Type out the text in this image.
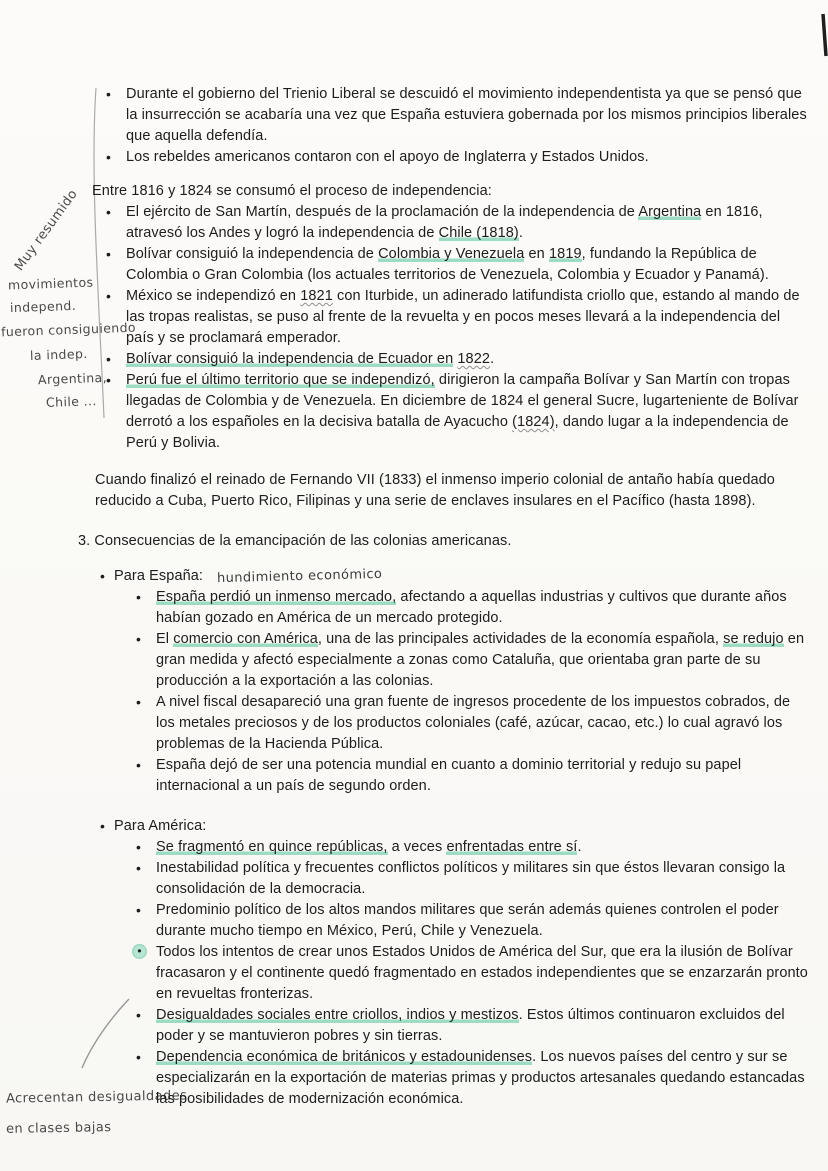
Muy resumido
movimientos
independ.
fueron consiguiendo
la indep.
Argentina,
Chile ...
Acrecentan desigualdades
en clases bajas
• Durante el gobierno del Trienio Liberal se descuidó el movimiento independentista ya que se pensó que la insurrección se acabaría una vez que España estuviera gobernada por los mismos principios liberales que aquella defendía.
• Los rebeldes americanos contaron con el apoyo de Inglaterra y Estados Unidos.

Entre 1816 y 1824 se consumó el proceso de independencia:

• El ejército de San Martín, después de la proclamación de la independencia de Argentina en 1816, atravesó los Andes y logró la independencia de Chile (1818).
• Bolívar consiguió la independencia de Colombia y Venezuela en 1819, fundando la República de Colombia o Gran Colombia (los actuales territorios de Venezuela, Colombia y Ecuador y Panamá).
• México se independizó en 1821 con Iturbide, un adinerado latifundista criollo que, estando al mando de las tropas realistas, se puso al frente de la revuelta y en pocos meses llevará a la independencia del país y se proclamará emperador.
• Bolívar consiguió la independencia de Ecuador en 1822.
• Perú fue el último territorio que se independizó, dirigieron la campaña Bolívar y San Martín con tropas llegadas de Colombia y de Venezuela. En diciembre de 1824 el general Sucre, lugarteniente de Bolívar derrotó a los españoles en la decisiva batalla de Ayacucho (1824), dando lugar a la independencia de Perú y Bolivia.

Cuando finalizó el reinado de Fernando VII (1833) el inmenso imperio colonial de antaño había quedado reducido a Cuba, Puerto Rico, Filipinas y una serie de enclaves insulares en el Pacífico (hasta 1898).

3. Consecuencias de la emancipación de las colonias americanas.

•
Para España: hundimiento económico
• España perdió un inmenso mercado, afectando a aquellas industrias y cultivos que durante años habían gozado en América de un mercado protegido.
• El comercio con América, una de las principales actividades de la economía española, se redujo en gran medida y afectó especialmente a zonas como Cataluña, que orientaba gran parte de su producción a la exportación a las colonias.
• A nivel fiscal desapareció una gran fuente de ingresos procedente de los impuestos cobrados, de los metales preciosos y de los productos coloniales (café, azúcar, cacao, etc.) lo cual agravó los problemas de la Hacienda Pública.
• España dejó de ser una potencia mundial en cuanto a dominio territorial y redujo su papel internacional a un país de segundo orden.
•
Para América:
• Se fragmentó en quince repúblicas, a veces enfrentadas entre sí.
• Inestabilidad política y frecuentes conflictos políticos y militares sin que éstos llevaran consigo la consolidación de la democracia.
• Predominio político de los altos mandos militares que serán además quienes controlen el poder durante mucho tiempo en México, Perú, Chile y Venezuela.
• Todos los intentos de crear unos Estados Unidos de América del Sur, que era la ilusión de Bolívar fracasaron y el continente quedó fragmentado en estados independientes que se enzarzarán pronto en revueltas fronterizas.
• Desigualdades sociales entre criollos, indios y mestizos. Estos últimos continuaron excluidos del poder y se mantuvieron pobres y sin tierras.
• Dependencia económica de británicos y estadounidenses. Los nuevos países del centro y sur se especializarán en la exportación de materias primas y productos artesanales quedando estancadas las posibilidades de modernización económica.
